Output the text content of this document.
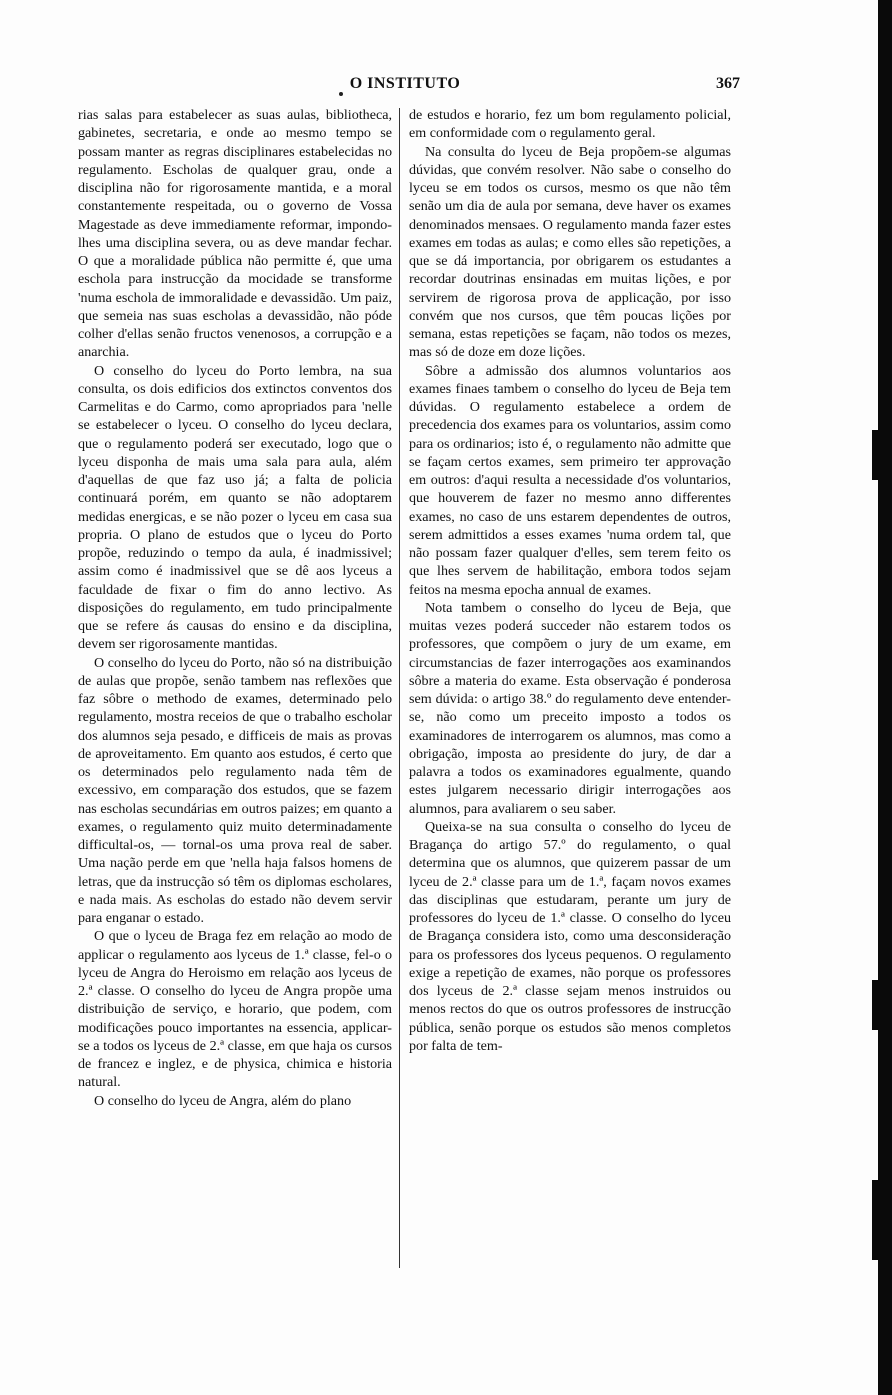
O INSTITUTO	367

rias salas para estabelecer as suas aulas, bibliotheca, gabinetes, secretaria, e onde ao mesmo tempo se possam manter as regras disciplinares estabelecidas no regulamento. Escholas de qualquer grau, onde a disciplina não for rigorosamente mantida, e a moral constantemente respeitada, ou o governo de Vossa Magestade as deve immediamente reformar, impondo-lhes uma disciplina severa, ou as deve mandar fechar. O que a moralidade pública não permitte é, que uma eschola para instrucção da mocidade se transforme 'numa eschola de immoralidade e devassidão. Um paiz, que semeia nas suas escholas a devassidão, não póde colher d'ellas senão fructos venenosos, a corrupção e a anarchia.

O conselho do lyceu do Porto lembra, na sua consulta, os dois edificios dos extinctos conventos dos Carmelitas e do Carmo, como apropriados para 'nelle se estabelecer o lyceu. O conselho do lyceu declara, que o regulamento poderá ser executado, logo que o lyceu disponha de mais uma sala para aula, além d'aquellas de que faz uso já; a falta de policia continuará porém, em quanto se não adoptarem medidas energicas, e se não pozer o lyceu em casa sua propria. O plano de estudos que o lyceu do Porto propõe, reduzindo o tempo da aula, é inadmissivel; assim como é inadmissivel que se dê aos lyceus a faculdade de fixar o fim do anno lectivo. As disposições do regulamento, em tudo principalmente que se refere ás causas do ensino e da disciplina, devem ser rigorosamente mantidas.

O conselho do lyceu do Porto, não só na distribuição de aulas que propõe, senão tambem nas reflexões que faz sôbre o methodo de exames, determinado pelo regulamento, mostra receios de que o trabalho escholar dos alumnos seja pesado, e difficeis de mais as provas de aproveitamento. Em quanto aos estudos, é certo que os determinados pelo regulamento nada têm de excessivo, em comparação dos estudos, que se fazem nas escholas secundárias em outros paizes; em quanto a exames, o regulamento quiz muito determinadamente difficultal-os, — tornal-os uma prova real de saber. Uma nação perde em que 'nella haja falsos homens de letras, que da instrucção só têm os diplomas escholares, e nada mais. As escholas do estado não devem servir para enganar o estado.

O que o lyceu de Braga fez em relação ao modo de applicar o regulamento aos lyceus de 1.ª classe, fel-o o lyceu de Angra do Heroismo em relação aos lyceus de 2.ª classe. O conselho do lyceu de Angra propõe uma distribuição de serviço, e horario, que podem, com modificações pouco importantes na essencia, applicar-se a todos os lyceus de 2.ª classe, em que haja os cursos de francez e inglez, e de physica, chimica e historia natural.

O conselho do lyceu de Angra, além do plano

de estudos e horario, fez um bom regulamento policial, em conformidade com o regulamento geral.

Na consulta do lyceu de Beja propõem-se algumas dúvidas, que convém resolver. Não sabe o conselho do lyceu se em todos os cursos, mesmo os que não têm senão um dia de aula por semana, deve haver os exames denominados mensaes. O regulamento manda fazer estes exames em todas as aulas; e como elles são repetições, a que se dá importancia, por obrigarem os estudantes a recordar doutrinas ensinadas em muitas lições, e por servirem de rigorosa prova de applicação, por isso convém que nos cursos, que têm poucas lições por semana, estas repetições se façam, não todos os mezes, mas só de doze em doze lições.

Sôbre a admissão dos alumnos voluntarios aos exames finaes tambem o conselho do lyceu de Beja tem dúvidas. O regulamento estabelece a ordem de precedencia dos exames para os voluntarios, assim como para os ordinarios; isto é, o regulamento não admitte que se façam certos exames, sem primeiro ter approvação em outros: d'aqui resulta a necessidade d'os voluntarios, que houverem de fazer no mesmo anno differentes exames, no caso de uns estarem dependentes de outros, serem admittidos a esses exames 'numa ordem tal, que não possam fazer qualquer d'elles, sem terem feito os que lhes servem de habilitação, embora todos sejam feitos na mesma epocha annual de exames.

Nota tambem o conselho do lyceu de Beja, que muitas vezes poderá succeder não estarem todos os professores, que compõem o jury de um exame, em circumstancias de fazer interrogações aos examinandos sôbre a materia do exame. Esta observação é ponderosa sem dúvida: o artigo 38.º do regulamento deve entender-se, não como um preceito imposto a todos os examinadores de interrogarem os alumnos, mas como a obrigação, imposta ao presidente do jury, de dar a palavra a todos os examinadores egualmente, quando estes julgarem necessario dirigir interrogações aos alumnos, para avaliarem o seu saber.

Queixa-se na sua consulta o conselho do lyceu de Bragança do artigo 57.º do regulamento, o qual determina que os alumnos, que quizerem passar de um lyceu de 2.ª classe para um de 1.ª, façam novos exames das disciplinas que estudaram, perante um jury de professores do lyceu de 1.ª classe. O conselho do lyceu de Bragança considera isto, como uma desconsideração para os professores dos lyceus pequenos. O regulamento exige a repetição de exames, não porque os professores dos lyceus de 2.ª classe sejam menos instruidos ou menos rectos do que os outros professores de instrucção pública, senão porque os estudos são menos completos por falta de tem-
